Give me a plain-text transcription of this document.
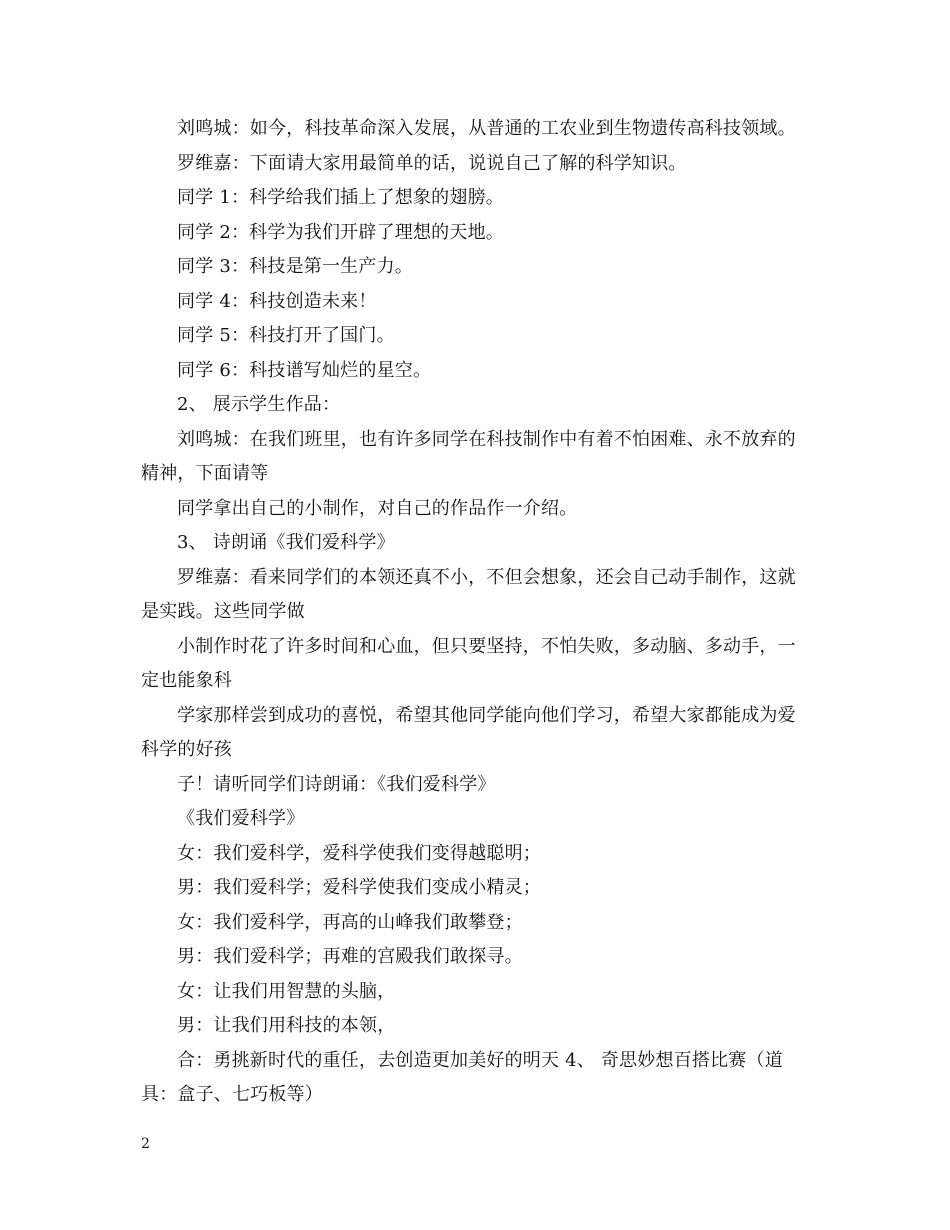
刘鸣城：如今，科技革命深入发展，从普通的工农业到生物遗传高科技领域。
罗维嘉：下面请大家用最简单的话，说说自己了解的科学知识。
同学 1：科学给我们插上了想象的翅膀。
同学 2：科学为我们开辟了理想的天地。
同学 3：科技是第一生产力。
同学 4：科技创造未来！
同学 5：科技打开了国门。
同学 6：科技谱写灿烂的星空。
2、 展示学生作品：
刘鸣城：在我们班里，也有许多同学在科技制作中有着不怕困难、永不放弃的精神，下面请等
同学拿出自己的小制作，对自己的作品作一介绍。
3、 诗朗诵《我们爱科学》
罗维嘉：看来同学们的本领还真不小，不但会想象，还会自己动手制作，这就是实践。这些同学做
小制作时花了许多时间和心血，但只要坚持，不怕失败，多动脑、多动手，一定也能象科
学家那样尝到成功的喜悦，希望其他同学能向他们学习，希望大家都能成为爱科学的好孩
子！请听同学们诗朗诵：《我们爱科学》
《我们爱科学》
女：我们爱科学，爱科学使我们变得越聪明；
男：我们爱科学；爱科学使我们变成小精灵；
女：我们爱科学，再高的山峰我们敢攀登；
男：我们爱科学；再难的宫殿我们敢探寻。
女：让我们用智慧的头脑，
男：让我们用科技的本领，
合：勇挑新时代的重任，去创造更加美好的明天 4、 奇思妙想百搭比赛（道具：盒子、七巧板等）
2
